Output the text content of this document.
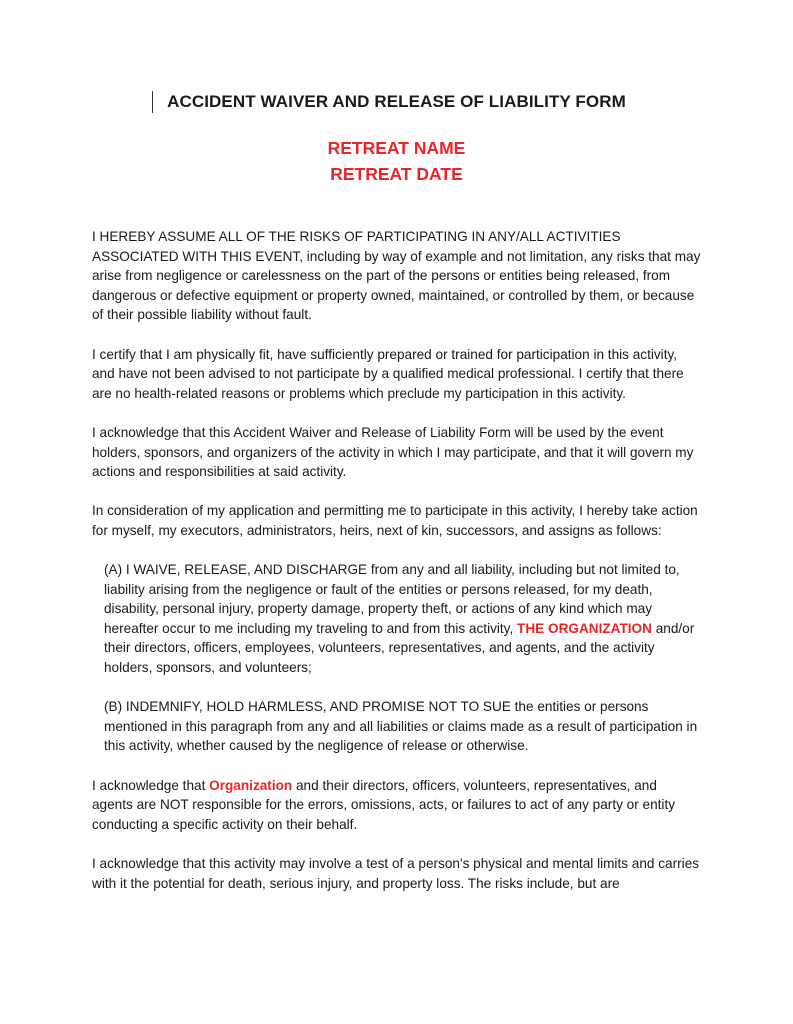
ACCIDENT WAIVER AND RELEASE OF LIABILITY FORM
RETREAT NAME
RETREAT DATE

I HEREBY ASSUME ALL OF THE RISKS OF PARTICIPATING IN ANY/ALL ACTIVITIES ASSOCIATED WITH THIS EVENT, including by way of example and not limitation, any risks that may arise from negligence or carelessness on the part of the persons or entities being released, from dangerous or defective equipment or property owned, maintained, or controlled by them, or because of their possible liability without fault.

I certify that I am physically fit, have sufficiently prepared or trained for participation in this activity, and have not been advised to not participate by a qualified medical professional. I certify that there are no health-related reasons or problems which preclude my participation in this activity.

I acknowledge that this Accident Waiver and Release of Liability Form will be used by the event holders, sponsors, and organizers of the activity in which I may participate, and that it will govern my actions and responsibilities at said activity.

In consideration of my application and permitting me to participate in this activity, I hereby take action for myself, my executors, administrators, heirs, next of kin, successors, and assigns as follows:

(A) I WAIVE, RELEASE, AND DISCHARGE from any and all liability, including but not limited to, liability arising from the negligence or fault of the entities or persons released, for my death, disability, personal injury, property damage, property theft, or actions of any kind which may hereafter occur to me including my traveling to and from this activity, THE ORGANIZATION and/or their directors, officers, employees, volunteers, representatives, and agents, and the activity holders, sponsors, and volunteers;

(B) INDEMNIFY, HOLD HARMLESS, AND PROMISE NOT TO SUE the entities or persons mentioned in this paragraph from any and all liabilities or claims made as a result of participation in this activity, whether caused by the negligence of release or otherwise.

I acknowledge that Organization and their directors, officers, volunteers, representatives, and agents are NOT responsible for the errors, omissions, acts, or failures to act of any party or entity conducting a specific activity on their behalf.

I acknowledge that this activity may involve a test of a person's physical and mental limits and carries with it the potential for death, serious injury, and property loss. The risks include, but are
